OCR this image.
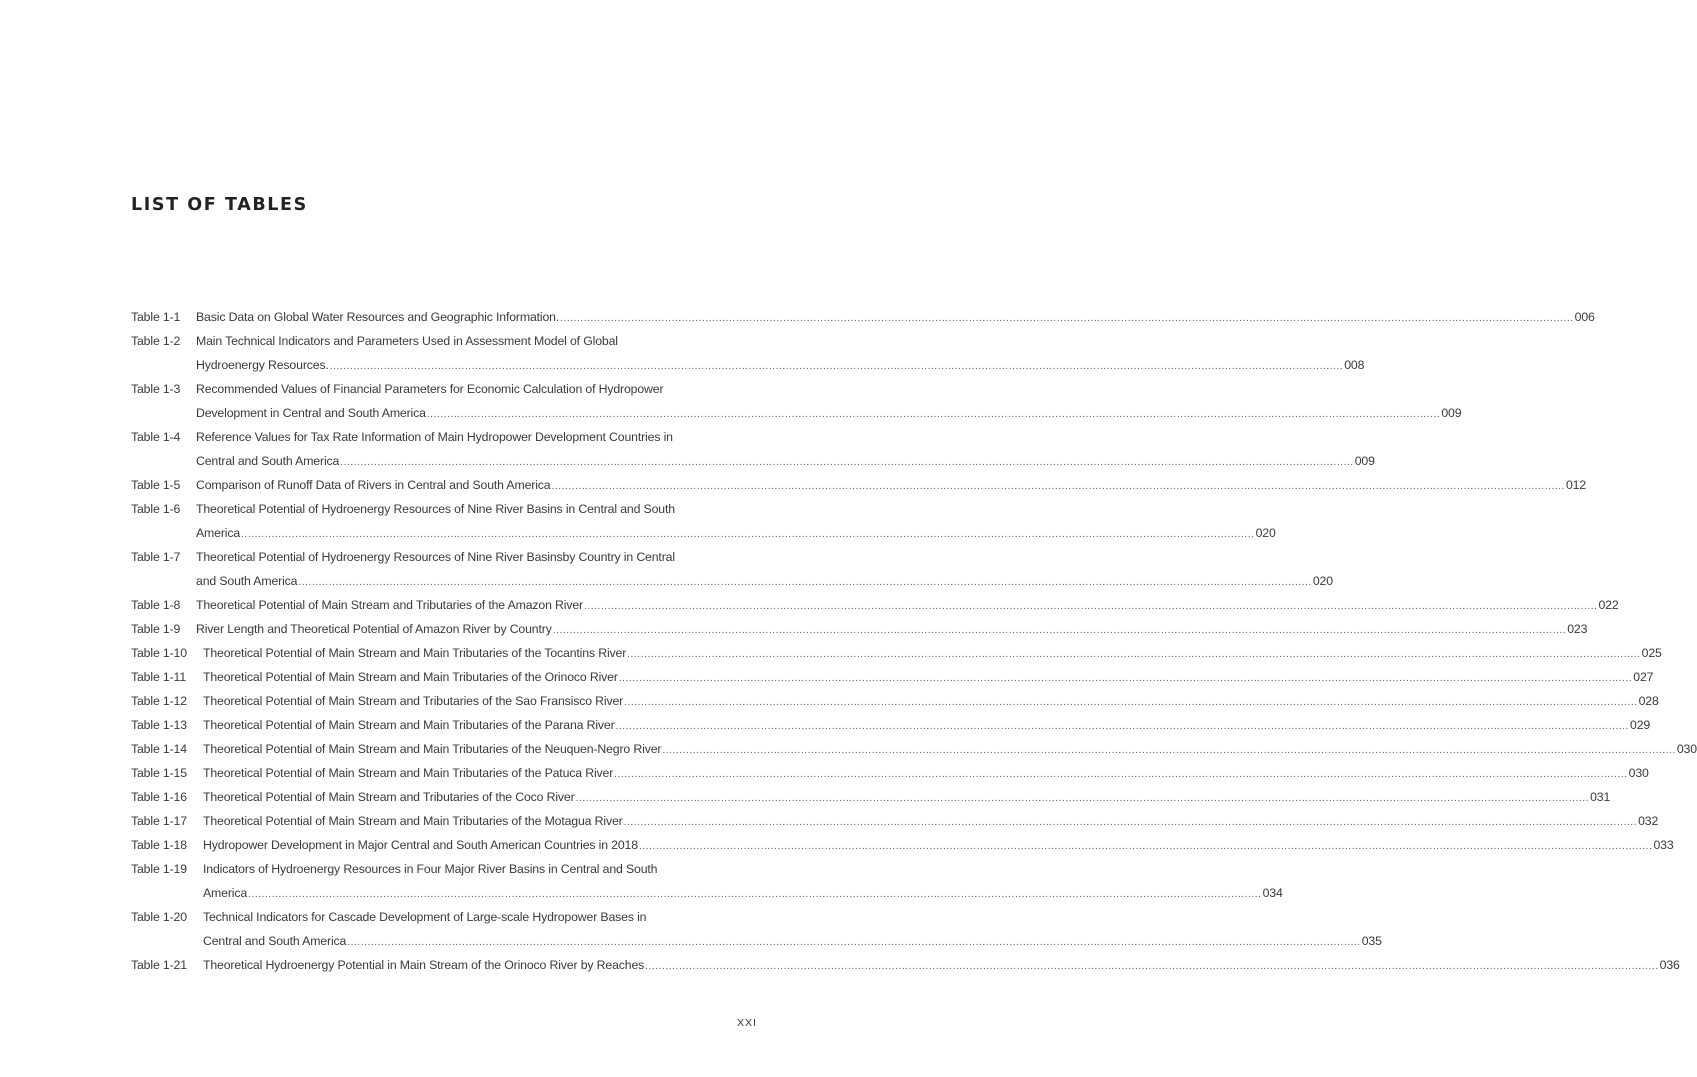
LIST OF TABLES
Table 1-1	Basic Data on Global Water Resources and Geographic Information. ............................................................................................................................................................................................................................................................................................................ 006
Table 1-2	Main Technical Indicators and Parameters Used in Assessment Model of Global
Hydroenergy Resources. ............................................................................................................................................................................................................................................................................................................ 008
Table 1-3	Recommended Values of Financial Parameters for Economic Calculation of Hydropower
Development in Central and South America ............................................................................................................................................................................................................................................................................................................ 009
Table 1-4	Reference Values for Tax Rate Information of Main Hydropower Development Countries in
Central and South America ............................................................................................................................................................................................................................................................................................................ 009
Table 1-5	Comparison of Runoff Data of Rivers in Central and South America ............................................................................................................................................................................................................................................................................................................ 012
Table 1-6	Theoretical Potential of Hydroenergy Resources of Nine River Basins in Central and South
America ............................................................................................................................................................................................................................................................................................................ 020
Table 1-7	Theoretical Potential of Hydroenergy Resources of Nine River Basinsby Country in Central
and South America ............................................................................................................................................................................................................................................................................................................ 020
Table 1-8	Theoretical Potential of Main Stream and Tributaries of the Amazon River ............................................................................................................................................................................................................................................................................................................ 022
Table 1-9	River Length and Theoretical Potential of Amazon River by Country ............................................................................................................................................................................................................................................................................................................ 023
Table 1-10	Theoretical Potential of Main Stream and Main Tributaries of the Tocantins River ............................................................................................................................................................................................................................................................................................................ 025
Table 1-11	Theoretical Potential of Main Stream and Main Tributaries of the Orinoco River ............................................................................................................................................................................................................................................................................................................ 027
Table 1-12	Theoretical Potential of Main Stream and Tributaries of the Sao Fransisco River ............................................................................................................................................................................................................................................................................................................ 028
Table 1-13	Theoretical Potential of Main Stream and Main Tributaries of the Parana River ............................................................................................................................................................................................................................................................................................................ 029
Table 1-14	Theoretical Potential of Main Stream and Main Tributaries of the Neuquen-Negro River ............................................................................................................................................................................................................................................................................................................ 030
Table 1-15	Theoretical Potential of Main Stream and Main Tributaries of the Patuca River ............................................................................................................................................................................................................................................................................................................ 030
Table 1-16	Theoretical Potential of Main Stream and Tributaries of the Coco River ............................................................................................................................................................................................................................................................................................................ 031
Table 1-17	Theoretical Potential of Main Stream and Main Tributaries of the Motagua River ............................................................................................................................................................................................................................................................................................................ 032
Table 1-18	Hydropower Development in Major Central and South American Countries in 2018 ............................................................................................................................................................................................................................................................................................................ 033
Table 1-19	Indicators of Hydroenergy Resources in Four Major River Basins in Central and South
America ............................................................................................................................................................................................................................................................................................................ 034
Table 1-20	Technical Indicators for Cascade Development of Large-scale Hydropower Bases in
Central and South America ............................................................................................................................................................................................................................................................................................................ 035
Table 1-21	Theoretical Hydroenergy Potential in Main Stream of the Orinoco River by Reaches ............................................................................................................................................................................................................................................................................................................ 036
XXI
